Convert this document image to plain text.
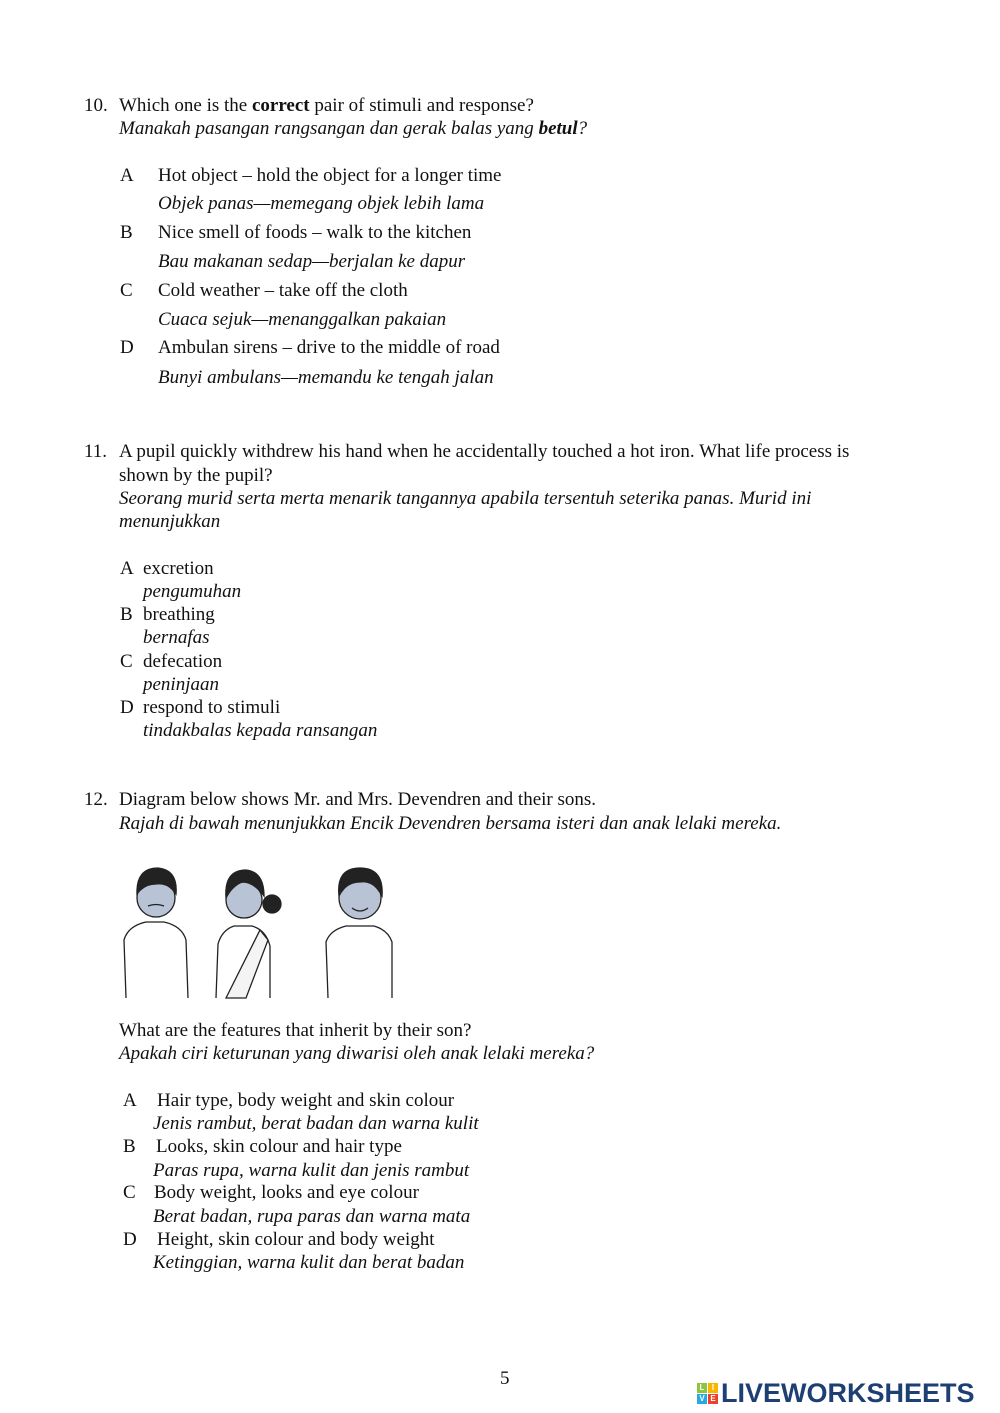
10. Which one is the correct pair of stimuli and response?
Manakah pasangan rangsangan dan gerak balas yang betul?
A Hot object – hold the object for a longer time
Objek panas—memegang objek lebih lama
B Nice smell of foods – walk to the kitchen
Bau makanan sedap—berjalan ke dapur
C Cold weather – take off the cloth
Cuaca sejuk—menanggalkan pakaian
D Ambulan sirens – drive to the middle of road
Bunyi ambulans—memandu ke tengah jalan
11. A pupil quickly withdrew his hand when he accidentally touched a hot iron. What life process is
shown by the pupil?
Seorang murid serta merta menarik tangannya apabila tersentuh seterika panas. Murid ini
menunjukkan
A excretion
pengumuhan
B breathing
bernafas
C defecation
peninjaan
D respond to stimuli
tindakbalas kepada ransangan
12. Diagram below shows Mr. and Mrs. Devendren and their sons.
Rajah di bawah menunjukkan Encik Devendren bersama isteri dan anak lelaki mereka.
What are the features that inherit by their son?
Apakah ciri keturunan yang diwarisi oleh anak lelaki mereka?
A Hair type, body weight and skin colour
Jenis rambut, berat badan dan warna kulit
B Looks, skin colour and hair type
Paras rupa, warna kulit dan jenis rambut
C Body weight, looks and eye colour
Berat badan, rupa paras dan warna mata
D Height, skin colour and body weight
Ketinggian, warna kulit dan berat badan
5	L I
V E LIVEWORKSHEETS
